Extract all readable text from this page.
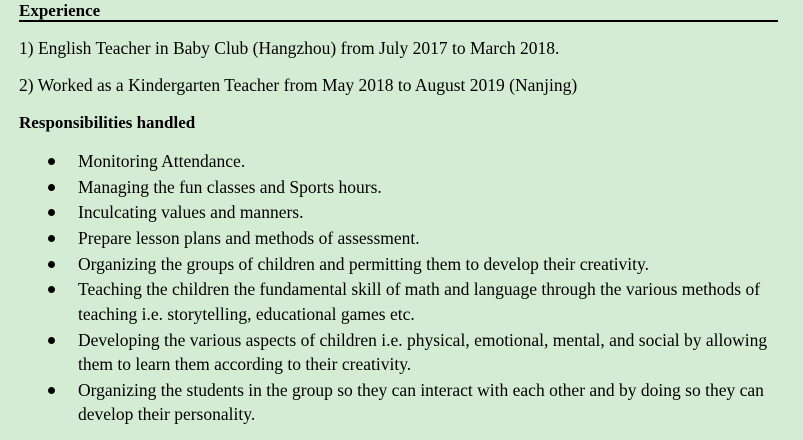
Experience
1) English Teacher in Baby Club (Hangzhou) from July 2017 to March 2018.
2) Worked as a Kindergarten Teacher from May 2018 to August 2019 (Nanjing)
Responsibilities handled
Monitoring Attendance.
Managing the fun classes and Sports hours.
Inculcating values and manners.
Prepare lesson plans and methods of assessment.
Organizing the groups of children and permitting them to develop their creativity.
Teaching the children the fundamental skill of math and language through the various methods of teaching i.e. storytelling, educational games etc.
Developing the various aspects of children i.e. physical, emotional, mental, and social by allowing them to learn them according to their creativity.
Organizing the students in the group so they can interact with each other and by doing so they can develop their personality.
